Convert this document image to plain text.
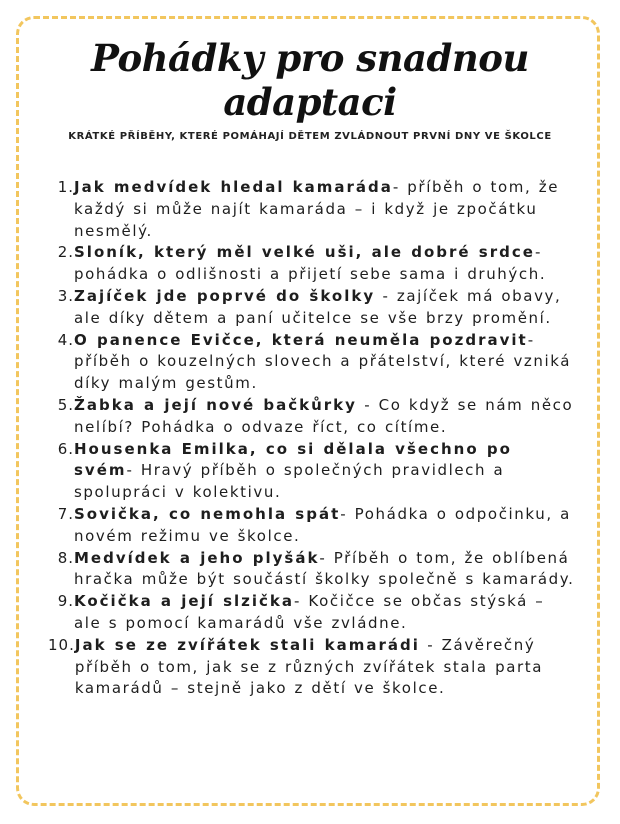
Pohádky pro snadnou adaptaci

KRÁTKÉ PŘÍBĚHY, KTERÉ POMÁHAJÍ DĚTEM ZVLÁDNOUT PRVNÍ DNY VE ŠKOLCE

1. Jak medvídek hledal kamaráda- příběh o tom, že každý si může najít kamaráda – i když je zpočátku nesmělý.
2. Sloník, který měl velké uši, ale dobré srdce- pohádka o odlišnosti a přijetí sebe sama i druhých.
3. Zajíček jde poprvé do školky - zajíček má obavy, ale díky dětem a paní učitelce se vše brzy promění.
4. O panence Evičce, která neuměla pozdravit- příběh o kouzelných slovech a přátelství, které vzniká díky malým gestům.
5. Žabka a její nové bačkůrky - Co když se nám něco nelíbí? Pohádka o odvaze říct, co cítíme.
6. Housenka Emilka, co si dělala všechno po svém- Hravý příběh o společných pravidlech a spolupráci v kolektivu.
7. Sovička, co nemohla spát- Pohádka o odpočinku, a novém režimu ve školce.
8. Medvídek a jeho plyšák- Příběh o tom, že oblíbená hračka může být součástí školky společně s kamarády.
9. Kočička a její slzička- Kočičce se občas stýská – ale s pomocí kamarádů vše zvládne.
10. Jak se ze zvířátek stali kamarádi - Závěrečný příběh o tom, jak se z různých zvířátek stala parta kamarádů – stejně jako z dětí ve školce.
